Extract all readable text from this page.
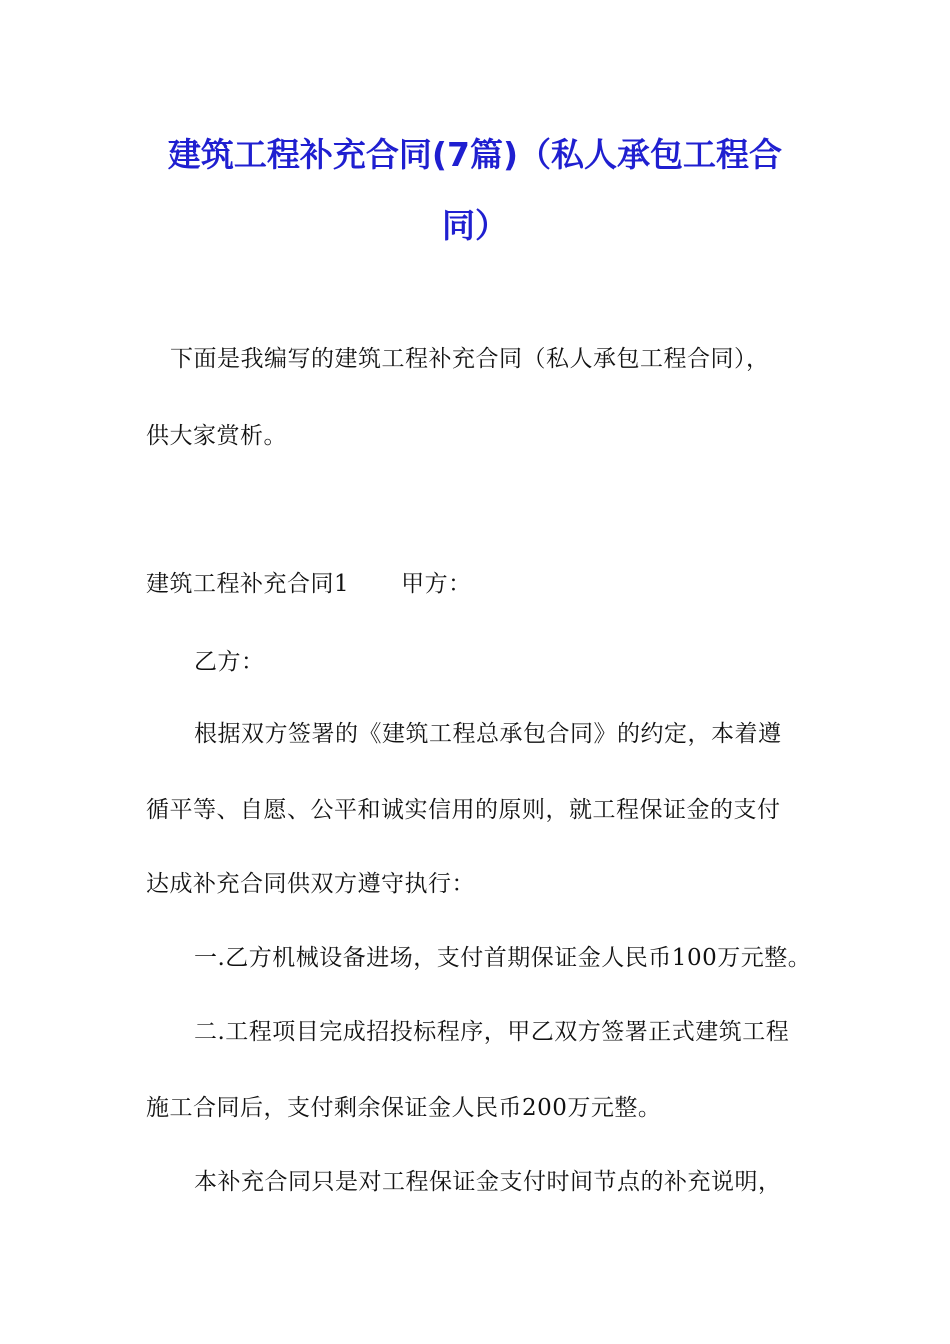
建筑工程补充合同(7篇)（私人承包工程合
同）
下面是我编写的建筑工程补充合同（私人承包工程合同），
供大家赏析。
建筑工程补充合同1 甲方：
乙方：
根据双方签署的《建筑工程总承包合同》的约定，本着遵
循平等、自愿、公平和诚实信用的原则，就工程保证金的支付
达成补充合同供双方遵守执行：
一.乙方机械设备进场，支付首期保证金人民币100万元整。
二.工程项目完成招投标程序，甲乙双方签署正式建筑工程
施工合同后，支付剩余保证金人民币200万元整。
本补充合同只是对工程保证金支付时间节点的补充说明，
